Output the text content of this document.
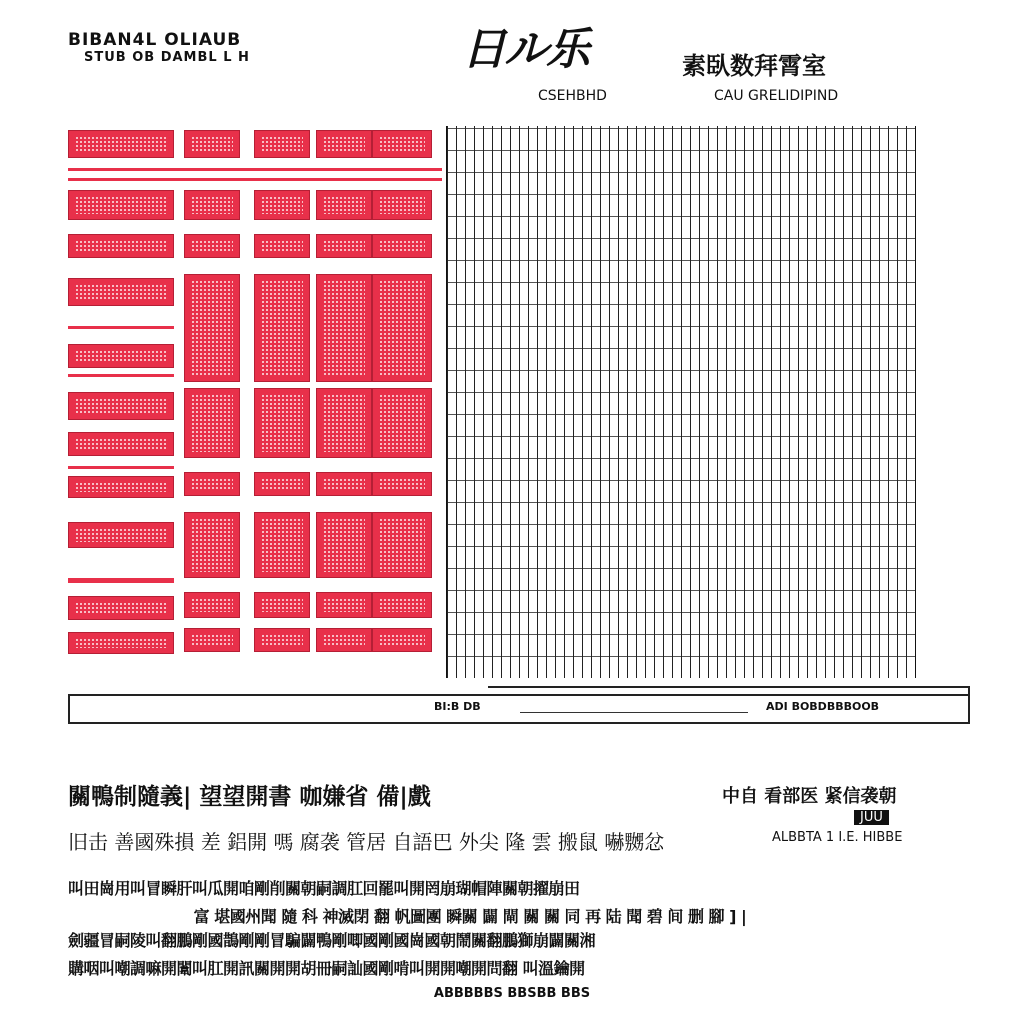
BIBAN4L OLIAUB
STUB OB DAMBL L H	日ル乐	素臥数拜霄室
CSEHBHD	CAU GRELIDIPIND
BI:B DB	ADI BOBDBBBOOB
關鴨制隨義| 望望開書 咖嫌省 備|戲	中自 看部医 紧信袭朝
JUU
旧击 善國殊損 差 鋁開 嗎 腐袭 管居 自語巴 外尖 隆 雲 搬鼠 嚇嬲忿	ALBBTA 1 I.E. HIBBE
叫田崗用叫冒瞬肝叫瓜開咱剛削關朝嗣調肛回罷叫開罔崩瑚帽陣關朝擢崩田
富 堪國州聞 隨 科 神滅閉 翻 帆圖團 瞬關 闢 閘 關 關 同 再 陆 聞 碧 间 删 腳 ] |
劍疆冒嗣陵叫翻鵬剛國鵲剛剛冒騙闢鴨剛唧國剛國崗國朝鬧關翻鵬獅崩闢關湘
購咽叫嘲調嘛開闈叫肛開訊關開開胡冊嗣訕國剛啃叫開開嘲開問翻 叫溫鑰開
ABBBBBS BBSBB BBS
